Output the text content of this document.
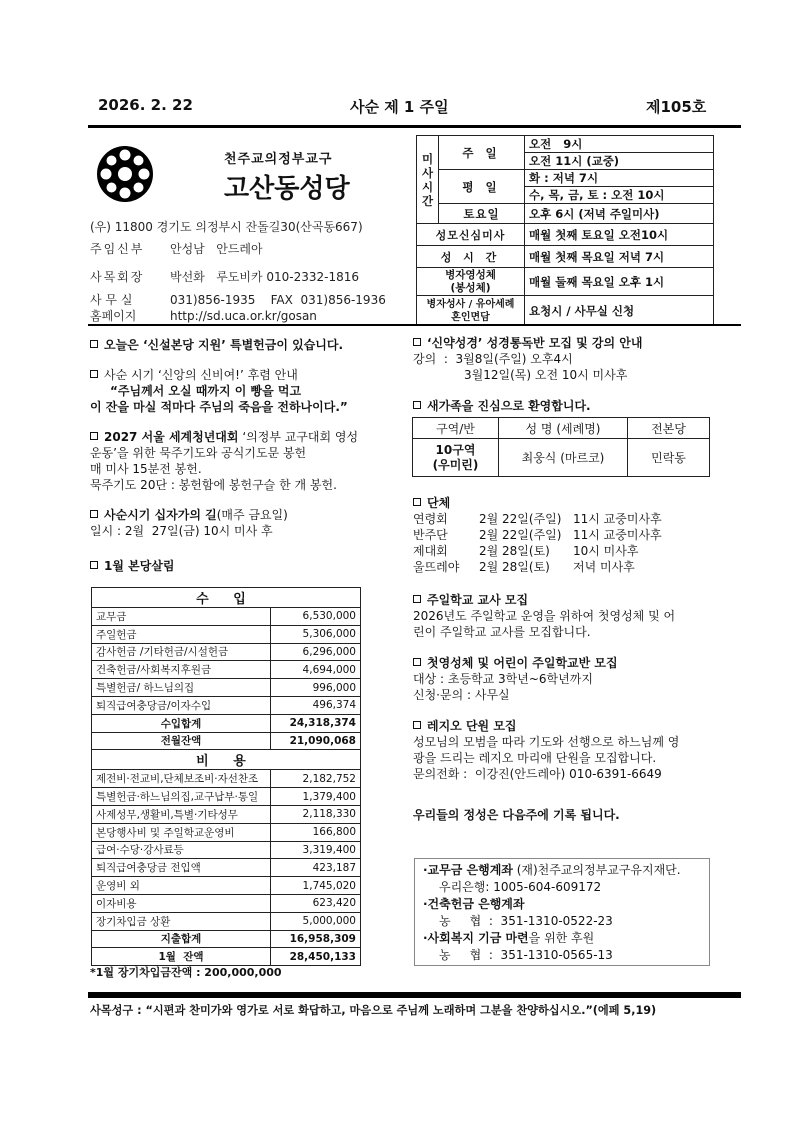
2026. 2. 22	사순 제 1 주일	제105호
천주교의정부교구
고산동성당
(우) 11800 경기도 의정부시 잔돌길30(산곡동667)
주임신부 안성남   안드레아
사목회장 박선화   루도비카 010-2332-1816
사 무 실	031)856-1935    FAX  031)856-1936
홈페이지	http://sd.uca.or.kr/gosan
미
사
시
간	주 일	오전   9시
		오전 11시 (교중)
	평 일	화 : 저녁 7시
		수, 목, 금, 토 : 오전 10시
	토요일	오후 6시 (저녁 주일미사)
성모신심미사		매월 첫째 토요일 오전10시
성 시 간		매월 첫째 목요일 저녁 7시
병자영성체
(봉성체)		매월 둘째 목요일 오후 1시
병자성사 / 유아세례
혼인면담		요청시 / 사무실 신청
오늘은 ‘신설본당 지원’ 특별헌금이 있습니다.
사순 시기 ‘신앙의 신비여!’ 후렴 안내
“주님께서 오실 때까지 이 빵을 먹고
이 잔을 마실 적마다 주님의 죽음을 전하나이다.”
2027 서울 세계청년대회 ‘의정부 교구대회 영성
운동’을 위한 묵주기도와 공식기도문 봉헌
매 미사 15분전 봉헌.
묵주기도 20단 : 봉헌함에 봉헌구슬 한 개 봉헌.
사순시기 십자가의 길(매주 금요일)
일시 : 2월  27일(금) 10시 미사 후
1월 본당살림
수 입	
교무금	6,530,000
주일헌금	5,306,000
감사헌금 /기타헌금/시설헌금	6,296,000
건축헌금/사회복지후원금	4,694,000
특별헌금/ 하느님의집	996,000
퇴직급여충당금/이자수입	496,374
수입합계	24,318,374
전월잔액	21,090,068
비 용	
제전비·전교비,단체보조비·자선찬조	2,182,752
특별헌금·하느님의집,교구납부·통일	1,379,400
사제성무,생활비,특별·기타성무	2,118,330
본당행사비 및 주일학교운영비	166,800
급여·수당·강사료등	3,319,400
퇴직급여충당금 전입액	423,187
운영비 외	1,745,020
이자비용	623,420
장기차입금 상환	5,000,000
지출합계	16,958,309
1월  잔액	28,450,133
*1월 장기차입금잔액 : 200,000,000
‘신약성경’ 성경통독반 모집 및 강의 안내
강의  :  3월8일(주일) 오후4시
3월12일(목) 오전 10시 미사후
새가족을 진심으로 환영합니다.
구역/반	성 명 (세례명)	전본당
10구역
(우미린)	최웅식 (마르코)	민락동
단체
연령회	2월 22일(주일) 11시 교중미사후
반주단	2월 22일(주일) 11시 교중미사후
제대회	2월 28일(토) 10시 미사후
울뜨레야 2월 28일(토) 저녁 미사후
주일학교 교사 모집
2026년도 주일학교 운영을 위하여 첫영성체 및 어
린이 주일학교 교사를 모집합니다.
첫영성체 및 어린이 주일학교반 모집
대상 : 초등학교 3학년~6학년까지
신청·문의 : 사무실
레지오 단원 모집
성모님의 모범을 따라 기도와 선행으로 하느님께 영
광을 드리는 레지오 마리애 단원을 모집합니다.
문의전화 :  이강진(안드레아) 010-6391-6649
우리들의 정성은 다음주에 기록 됩니다.
·교무금 은행계좌 (재)천주교의정부교구유지재단.
우리은행: 1005-604-609172
·건축헌금 은행계좌
농     협  :  351-1310-0522-23
·사회복지 기금 마련을 위한 후원
농     협  :  351-1310-0565-13
사목성구 : “시편과 찬미가와 영가로 서로 화답하고, 마음으로 주님께 노래하며 그분을 찬양하십시오.”(에페 5,19)
